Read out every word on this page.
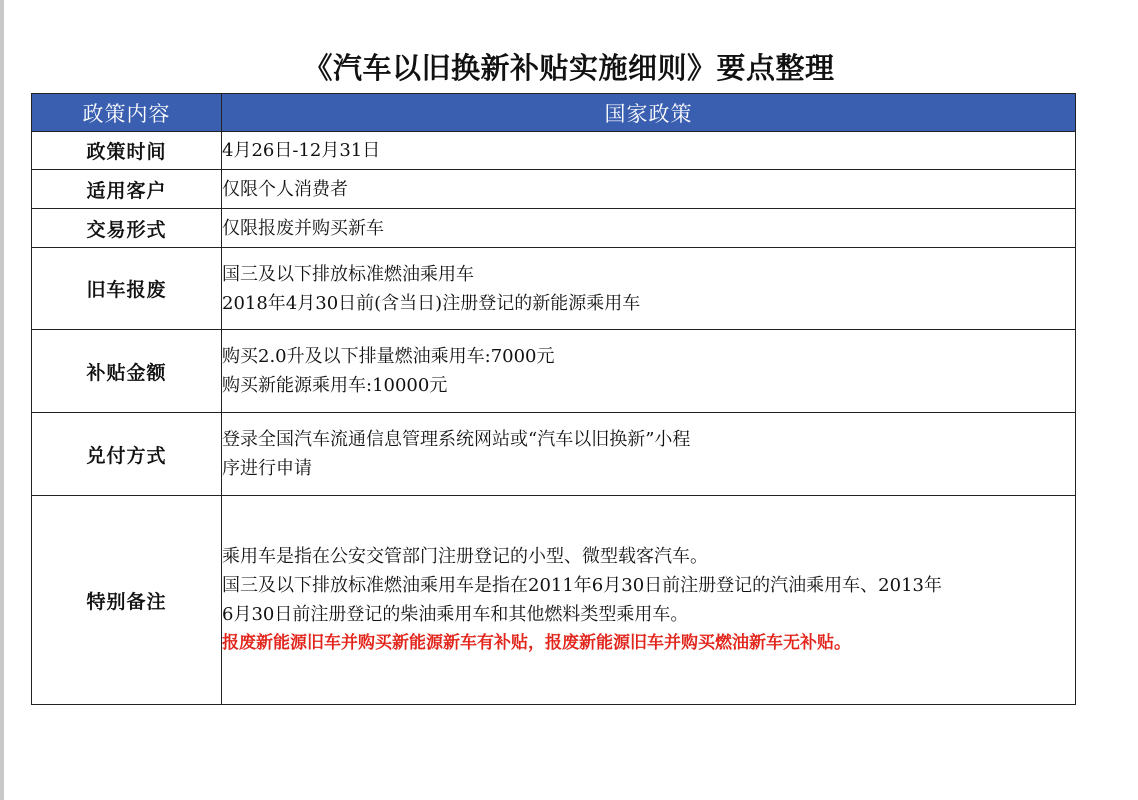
《汽车以旧换新补贴实施细则》要点整理
政策内容	国家政策
政策时间	4月26日-12月31日

适用客户	仅限个人消费者

交易形式	仅限报废并购买新车

旧车报废	国三及以下排放标准燃油乘用车
2018年4月30日前(含当日)注册登记的新能源乘用车

补贴金额	购买2.0升及以下排量燃油乘用车:7000元
购买新能源乘用车:10000元

兑付方式	登录全国汽车流通信息管理系统网站或“汽车以旧换新”小程
序进行申请

特别备注	乘用车是指在公安交管部门注册登记的小型、微型载客汽车。
国三及以下排放标准燃油乘用车是指在2011年6月30日前注册登记的汽油乘用车、2013年
6月30日前注册登记的柴油乘用车和其他燃料类型乘用车。
报废新能源旧车并购买新能源新车有补贴，报废新能源旧车并购买燃油新车无补贴。
